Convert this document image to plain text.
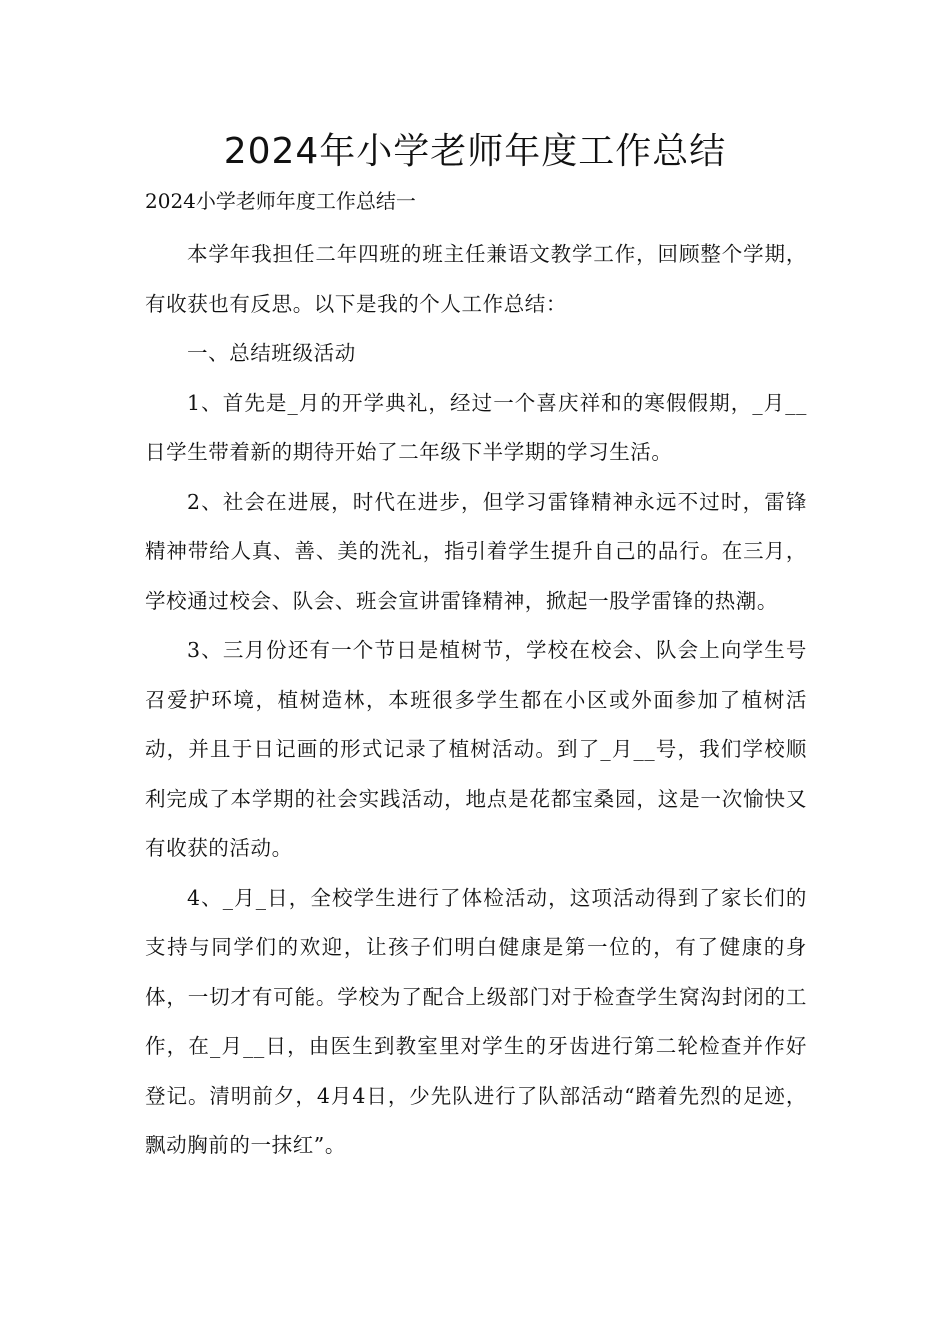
2024年小学老师年度工作总结

2024小学老师年度工作总结一

本学年我担任二年四班的班主任兼语文教学工作，回顾整个学期，有收获也有反思。以下是我的个人工作总结：

一、总结班级活动

1、首先是_月的开学典礼，经过一个喜庆祥和的寒假假期，_月__日学生带着新的期待开始了二年级下半学期的学习生活。

2、社会在进展，时代在进步，但学习雷锋精神永远不过时，雷锋精神带给人真、善、美的洗礼，指引着学生提升自己的品行。在三月，学校通过校会、队会、班会宣讲雷锋精神，掀起一股学雷锋的热潮。

3、三月份还有一个节日是植树节，学校在校会、队会上向学生号召爱护环境，植树造林，本班很多学生都在小区或外面参加了植树活动，并且于日记画的形式记录了植树活动。到了_月__号，我们学校顺利完成了本学期的社会实践活动，地点是花都宝桑园，这是一次愉快又有收获的活动。

4、_月_日，全校学生进行了体检活动，这项活动得到了家长们的支持与同学们的欢迎，让孩子们明白健康是第一位的，有了健康的身体，一切才有可能。学校为了配合上级部门对于检查学生窝沟封闭的工作，在_月__日，由医生到教室里对学生的牙齿进行第二轮检查并作好登记。清明前夕，4月4日，少先队进行了队部活动“踏着先烈的足迹，飘动胸前的一抹红”。
